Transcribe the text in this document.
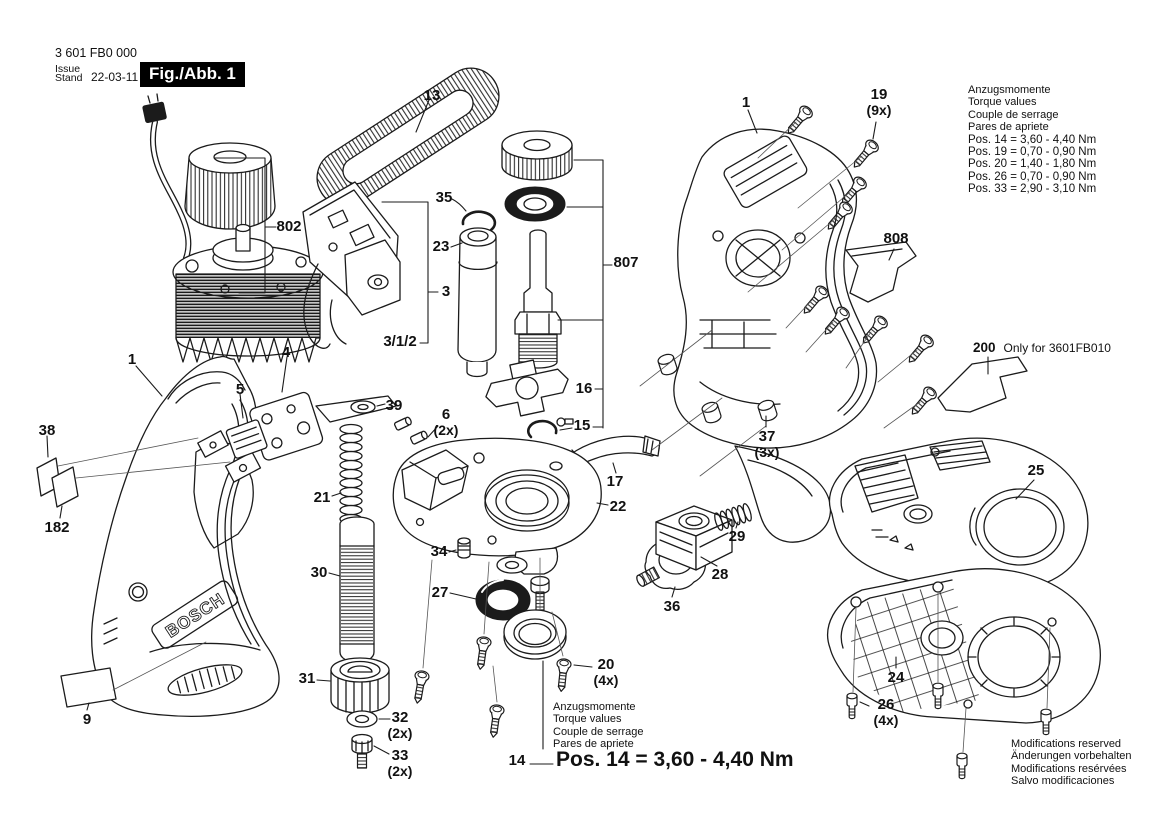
BOSCH
3 601 FB0 000
Issue
Stand 22-03-11 Fig./Abb. 1
Anzugsmomente
Torque values
Couple de serrage
Pares de apriete
Pos. 14 = 3,60 - 4,40 Nm
Pos. 19 = 0,70 - 0,90 Nm
Pos. 20 = 1,40 - 1,80 Nm
Pos. 26 = 0,70 - 0,90 Nm
Pos. 33 = 2,90 - 3,10 Nm
200 Only for 3601FB010
Anzugsmomente
Torque values
Couple de serrage
Pares de apriete
Pos. 14 = 3,60 - 4,40 Nm
Modifications reserved
Änderungen vorbehalten
Modifications resérvées
Salvo modificaciones
1
802
13
35
23
3
3/1/2
4
5
38
182
39
6
(2x)
21
30
34
27
31
32
(2x)
33
(2x)
9
16
15
807
17
22
14
20
(4x)
36
29
28
37
(3x)
1	19
(9x)
808
25
24
26
(4x)
